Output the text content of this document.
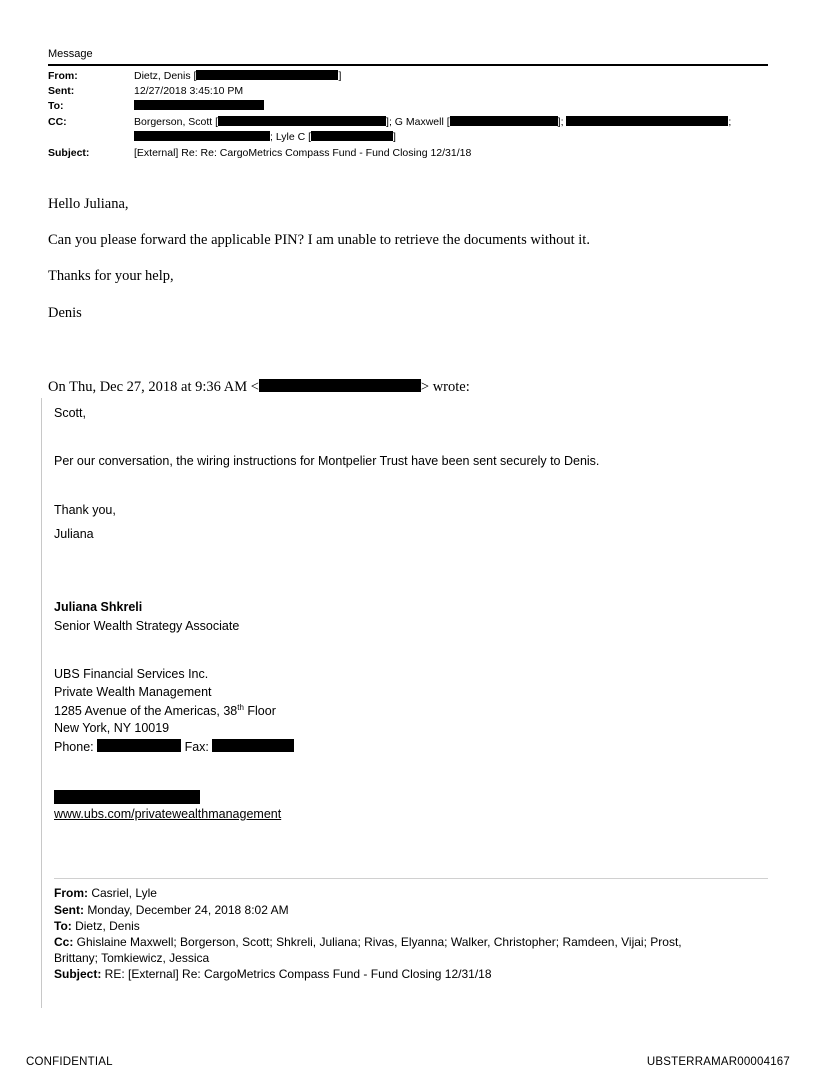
Message
From:	Dietz, Denis [	]
Sent:	12/27/2018 3:45:10 PM
To:
CC:	Borgerson, Scott [	]; G Maxwell [	];	;
; Lyle C [	]
Subject:	[External] Re: Re: CargoMetrics Compass Fund - Fund Closing 12/31/18
Hello Juliana,
Can you please forward the applicable PIN? I am unable to retrieve the documents without it.
Thanks for your help,
Denis
On Thu, Dec 27, 2018 at 9:36 AM <	> wrote:
Scott,
Per our conversation, the wiring instructions for Montpelier Trust have been sent securely to Denis.
Thank you,
Juliana
Juliana Shkreli
Senior Wealth Strategy Associate
UBS Financial Services Inc.
Private Wealth Management
1285 Avenue of the Americas, 38th Floor
New York, NY 10019
Phone:	Fax:
www.ubs.com/privatewealthmanagement
From: Casriel, Lyle
Sent: Monday, December 24, 2018 8:02 AM
To: Dietz, Denis
Cc: Ghislaine Maxwell; Borgerson, Scott; Shkreli, Juliana; Rivas, Elyanna; Walker, Christopher; Ramdeen, Vijai; Prost,
Brittany; Tomkiewicz, Jessica
Subject: RE: [External] Re: CargoMetrics Compass Fund - Fund Closing 12/31/18
CONFIDENTIAL	UBSTERRAMAR00004167
